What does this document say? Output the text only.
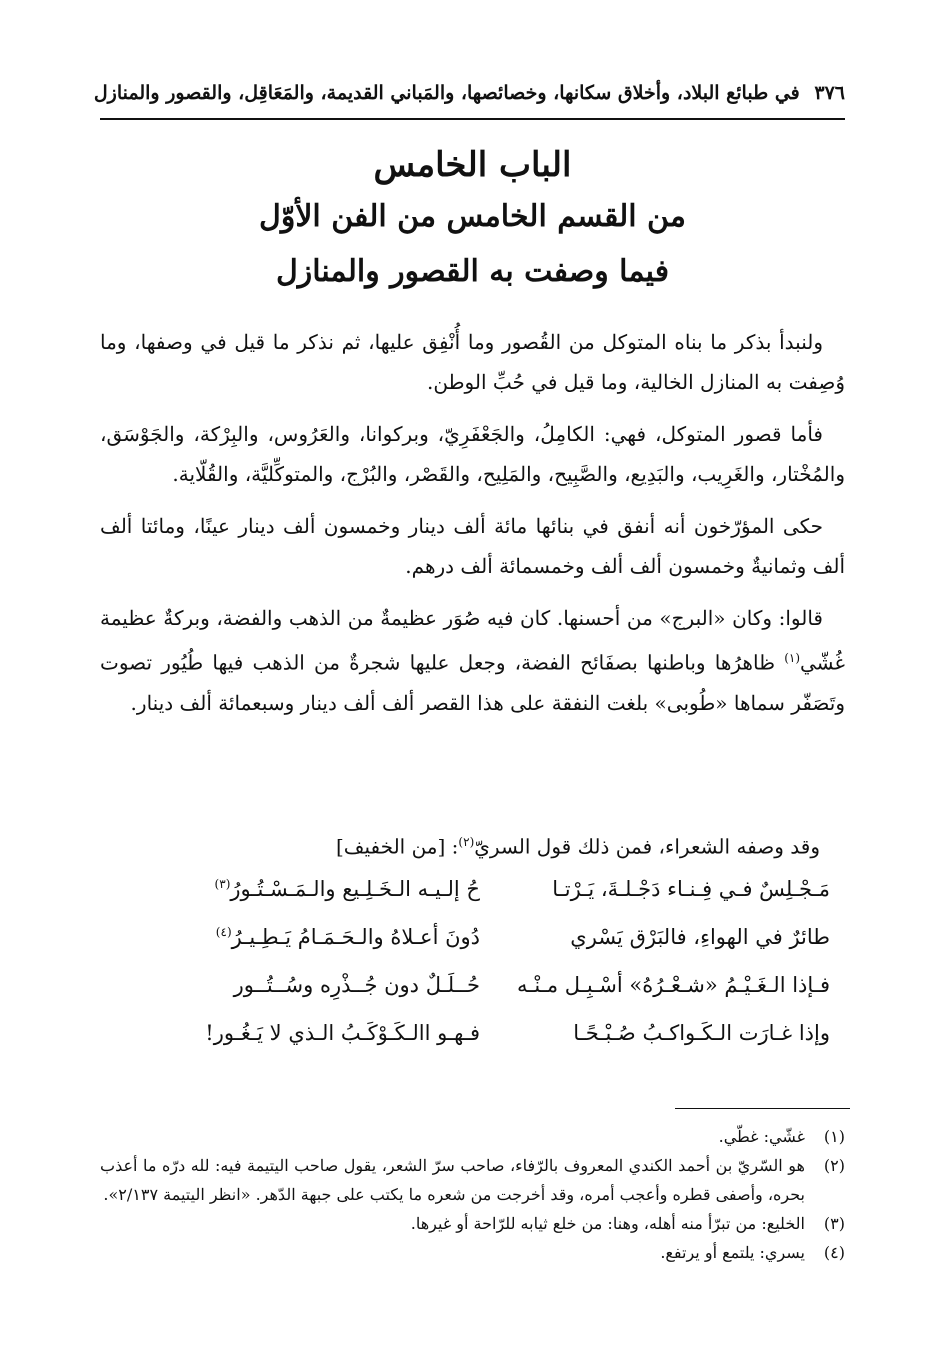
٣٧٦ في طبائع البلاد، وأخلاق سكانها، وخصائصها، والمَباني القديمة، والمَعَاقِل، والقصور والمنازل
الباب الخامس
من القسم الخامس من الفن الأوّل
فيما وصفت به القصور والمنازل

ولنبدأ بذكر ما بناه المتوكل من القُصور وما أُنْفِق عليها، ثم نذكر ما قيل في وصفها، وما وُصِفت به المنازل الخالية، وما قيل في حُبِّ الوطن.

فأما قصور المتوكل، فهي: الكامِلُ، والجَعْفَرِيّ، وبركوانا، والعَرُوس، والبِرْكة، والجَوْسَق، والمُخْتار، والغَرِيب، والبَدِيع، والصَّبِيح، والمَلِيح، والقَصْر، والبُرْج، والمتوكِّليَّة، والقُلّاية.

حكى المؤرّخون أنه أنفق في بنائها مائة ألف دينار وخمسون ألف دينار عينًا، ومائتا ألف ألف وثمانيةٌ وخمسون ألف ألف وخمسمائة ألف درهم.

قالوا: وكان «البرج» من أحسنها. كان فيه صُوَر عظيمةٌ من الذهب والفضة، وبركةٌ عظيمة غُشّي$^{(١)}$ ظاهرُها وباطنها بصفَائح الفضة، وجعل عليها شجرةٌ من الذهب فيها طُيُور تصوت وتَصَفّر سماها «طُوبى» بلغت النفقة على هذا القصر ألف ألف دينار وسبعمائة ألف دينار.

وقد وصفه الشعراء، فمن ذلك قول السريّ$^{(٢)}$: [من الخفيف]
مَـجْـلِسٌ فـي فِـنـاء دَجْـلـةَ، يَـرْتـا
حُ إلـيـه الـخَـلِـيع والـمَـسْـتُـورُ$^{(٣)}$
طائرٌ في الهواءِ، فالبَرْق يَسْري
دُونَ أعـلاهُ والـحَـمَـامُ يَـطِـيـرُ$^{(٤)}$
فـإذا الـغَـيْـمُ «شـعْـرُهُ» أسْـبِـل مـنْـه
حُــلَـلٌ دون جُــذْرِه وسُــتُــور
وإذا غـارَت الـكَـواكـبُ صُـبْـحًـا
فـهـو االـكَـوْكَـبُ الـذي لا يَـغُـور!
(١)
غشّي: غطّي.
(٢)
هو السّريّ بن أحمد الكندي المعروف بالرّفاء، صاحب سرّ الشعر، يقول صاحب اليتيمة فيه: لله درّه ما أعذب بحره، وأصفى قطره وأعجب أمره، وقد أخرجت من شعره ما يكتب على جبهة الدّهر. «انظر اليتيمة ٢/١٣٧».
(٣)
الخليع: من تبرّأ منه أهله، وهنا: من خلع ثيابه للرّاحة أو غيرها.
(٤)
يسري: يلتمع أو يرتفع.
